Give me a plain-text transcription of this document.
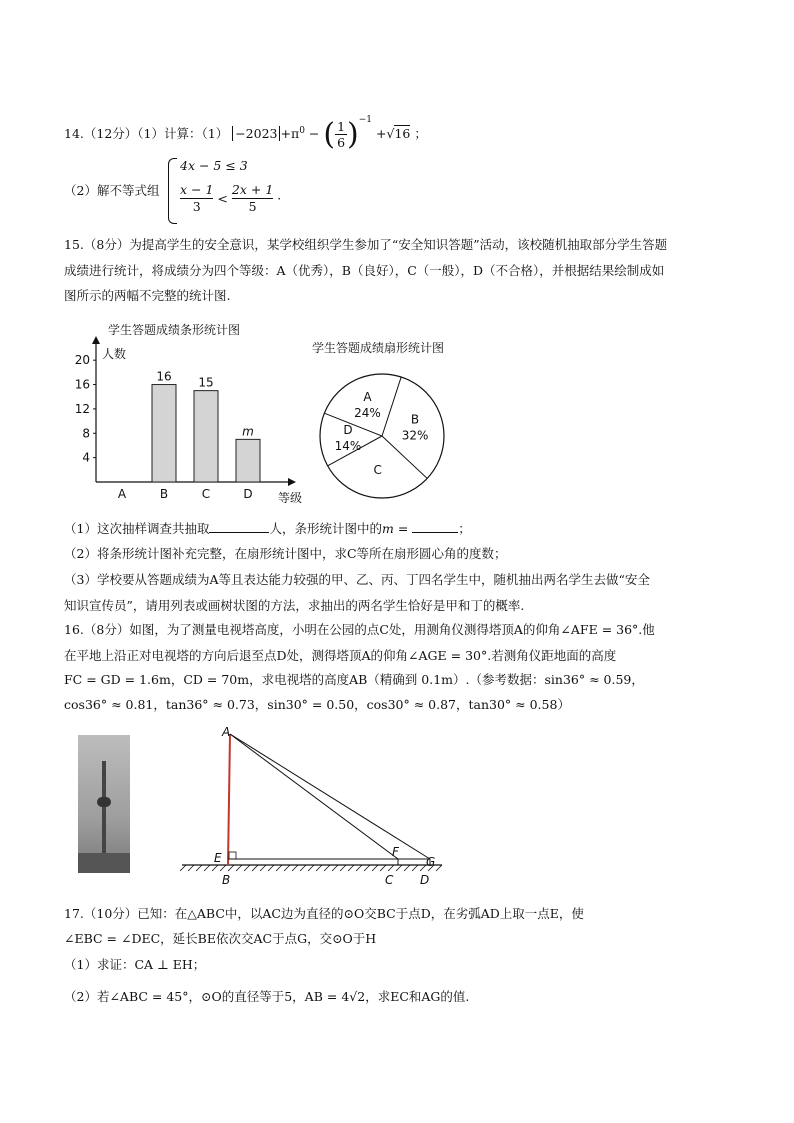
14.（12分）（1）计算：$(1) -2023 +\pi^0$ − ( $\frac{1}{6} )^{-1} +√16$ ；
（2）解不等式组
4x − 5 ≤ 3
$\frac{x - 1}{3} < \frac{2x + 1}{5}$ ·
15.（8分）为提高学生的安全意识，某学校组织学生参加了“安全知识答题”活动，该校随机抽取部分学生答题
成绩进行统计，将成绩分为四个等级：A（优秀），B（良好），C（一般），D（不合格），并根据结果绘制成如
图所示的两幅不完整的统计图.
学生答题成绩条形统计图
人数
等级
4
8
12
16
20
A	B
16
C
15
D
m
学生答题成绩扇形统计图
A
24%
D
14%
C
B
32%
（1）这次抽样调查共抽取	人，条形统计图中的m =	；
（2）将条形统计图补充完整，在扇形统计图中，求C等所在扇形圆心角的度数；
（3）学校要从答题成绩为A等且表达能力较强的甲、乙、丙、丁四名学生中，随机抽出两名学生去做“安全
知识宣传员”，请用列表或画树状图的方法，求抽出的两名学生恰好是甲和丁的概率.
16.（8分）如图，为了测量电视塔高度，小明在公园的点C处，用测角仪测得塔顶A的仰角∠AFE = 36°.他
在平地上沿正对电视塔的方向后退至点D处，测得塔顶A的仰角∠AGE = 30°.若测角仪距地面的高度
FC = GD = 1.6m，CD = 70m，求电视塔的高度AB（精确到 0.1m）.（参考数据：sin36° ≈ 0.59，
cos36° ≈ 0.81，tan36° ≈ 0.73，sin30° = 0.50，cos30° ≈ 0.87，tan30° ≈ 0.58）
A
E
B
F
G
C D
17.（10分）已知：在△ABC中，以AC边为直径的⊙O交BC于点D，在劣弧AD上取一点E，使
∠EBC = ∠DEC，延长BE依次交AC于点G，交⊙O于H
（1）求证：CA ⊥ EH；
（2）若∠ABC = 45°，⊙O的直径等于5，AB = 4√2，求EC和AG的值.
